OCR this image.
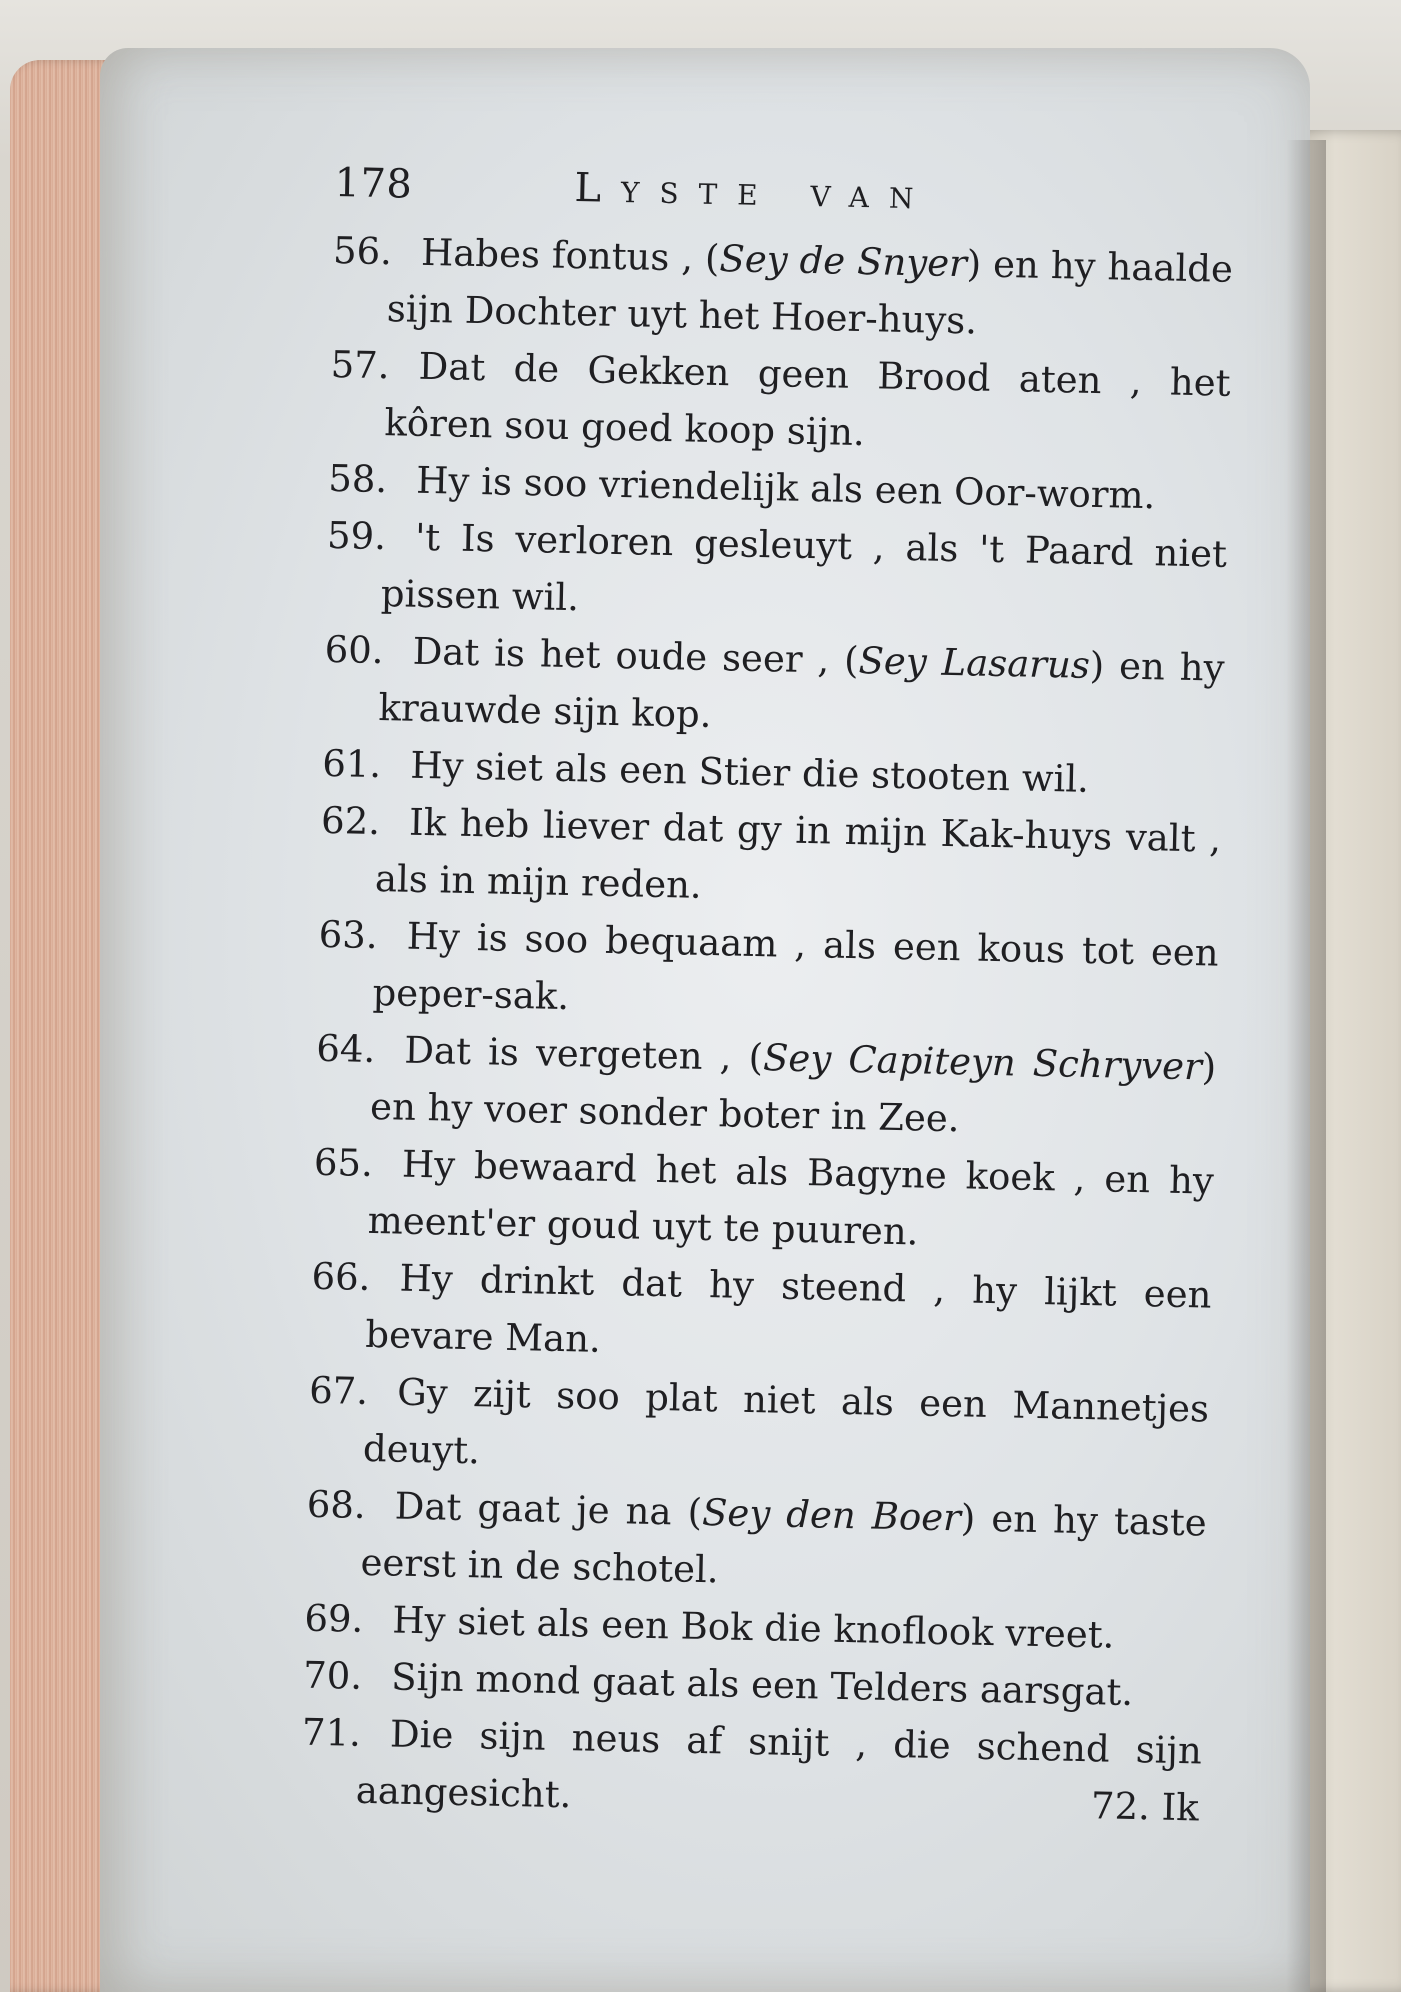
178	Lyste van

56. Habes fontus , (Sey de Snyer) en hy haalde sijn Dochter uyt het Hoer-huys.

57. Dat de Gekken geen Brood aten , het kôren sou goed koop sijn.

58. Hy is soo vriendelijk als een Oor-worm.

59. 't Is verloren gesleuyt , als 't Paard niet pissen wil.

60. Dat is het oude seer , (Sey Lasarus) en hy krauwde sijn kop.

61. Hy siet als een Stier die stooten wil.

62. Ik heb liever dat gy in mijn Kak-huys valt , als in mijn reden.

63. Hy is soo bequaam , als een kous tot een peper-sak.

64. Dat is vergeten , (Sey Capiteyn Schryver) en hy voer sonder boter in Zee.

65. Hy bewaard het als Bagyne koek , en hy meent'er goud uyt te puuren.

66. Hy drinkt dat hy steend , hy lijkt een bevare Man.

67. Gy zijt soo plat niet als een Mannetjes deuyt.

68. Dat gaat je na (Sey den Boer) en hy taste eerst in de schotel.

69. Hy siet als een Bok die knoflook vreet.

70. Sijn mond gaat als een Telders aarsgat.

71. Die sijn neus af snijt , die schend sijn aangesicht.	72. Ik
